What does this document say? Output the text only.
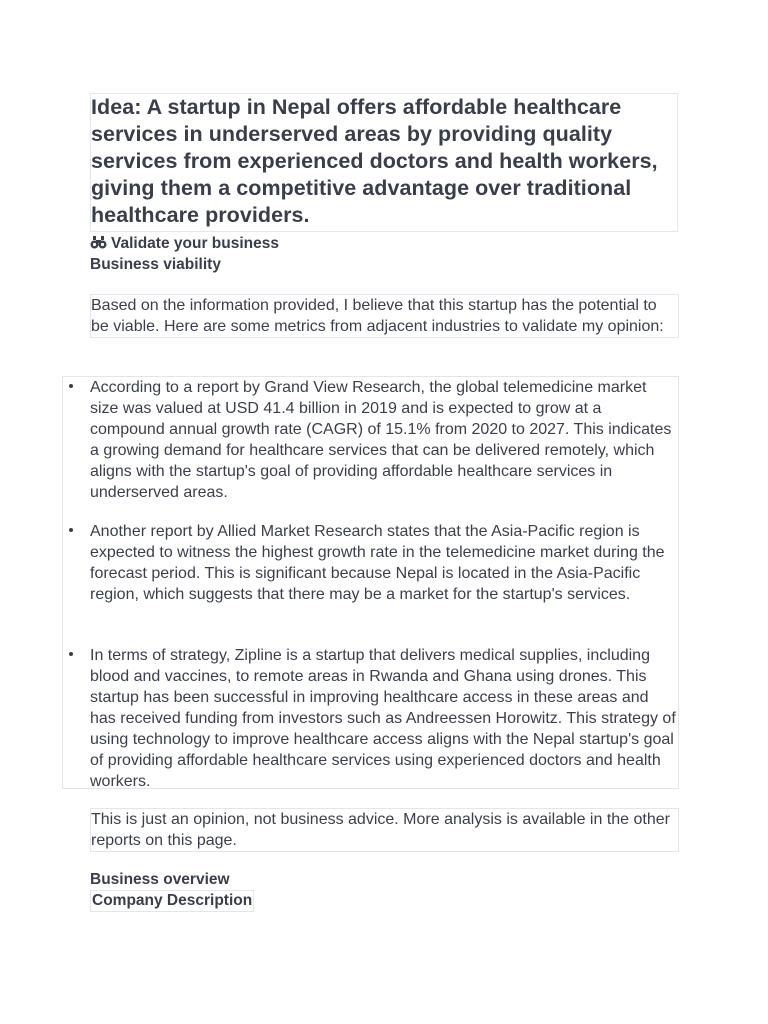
Idea: A startup in Nepal offers affordable healthcare services in underserved areas by providing quality services from experienced doctors and health workers, giving them a competitive advantage over traditional healthcare providers.
Validate your business
Business viability

Based on the information provided, I believe that this startup has the potential to be viable. Here are some metrics from adjacent industries to validate my opinion:

According to a report by Grand View Research, the global telemedicine market size was valued at USD 41.4 billion in 2019 and is expected to grow at a compound annual growth rate (CAGR) of 15.1% from 2020 to 2027. This indicates a growing demand for healthcare services that can be delivered remotely, which aligns with the startup's goal of providing affordable healthcare services in underserved areas.

Another report by Allied Market Research states that the Asia-Pacific region is expected to witness the highest growth rate in the telemedicine market during the forecast period. This is significant because Nepal is located in the Asia-Pacific region, which suggests that there may be a market for the startup's services.

In terms of strategy, Zipline is a startup that delivers medical supplies, including blood and vaccines, to remote areas in Rwanda and Ghana using drones. This startup has been successful in improving healthcare access in these areas and has received funding from investors such as Andreessen Horowitz. This strategy of using technology to improve healthcare access aligns with the Nepal startup's goal of providing affordable healthcare services using experienced doctors and health workers.

This is just an opinion, not business advice. More analysis is available in the other reports on this page.

Business overview
Company Description
